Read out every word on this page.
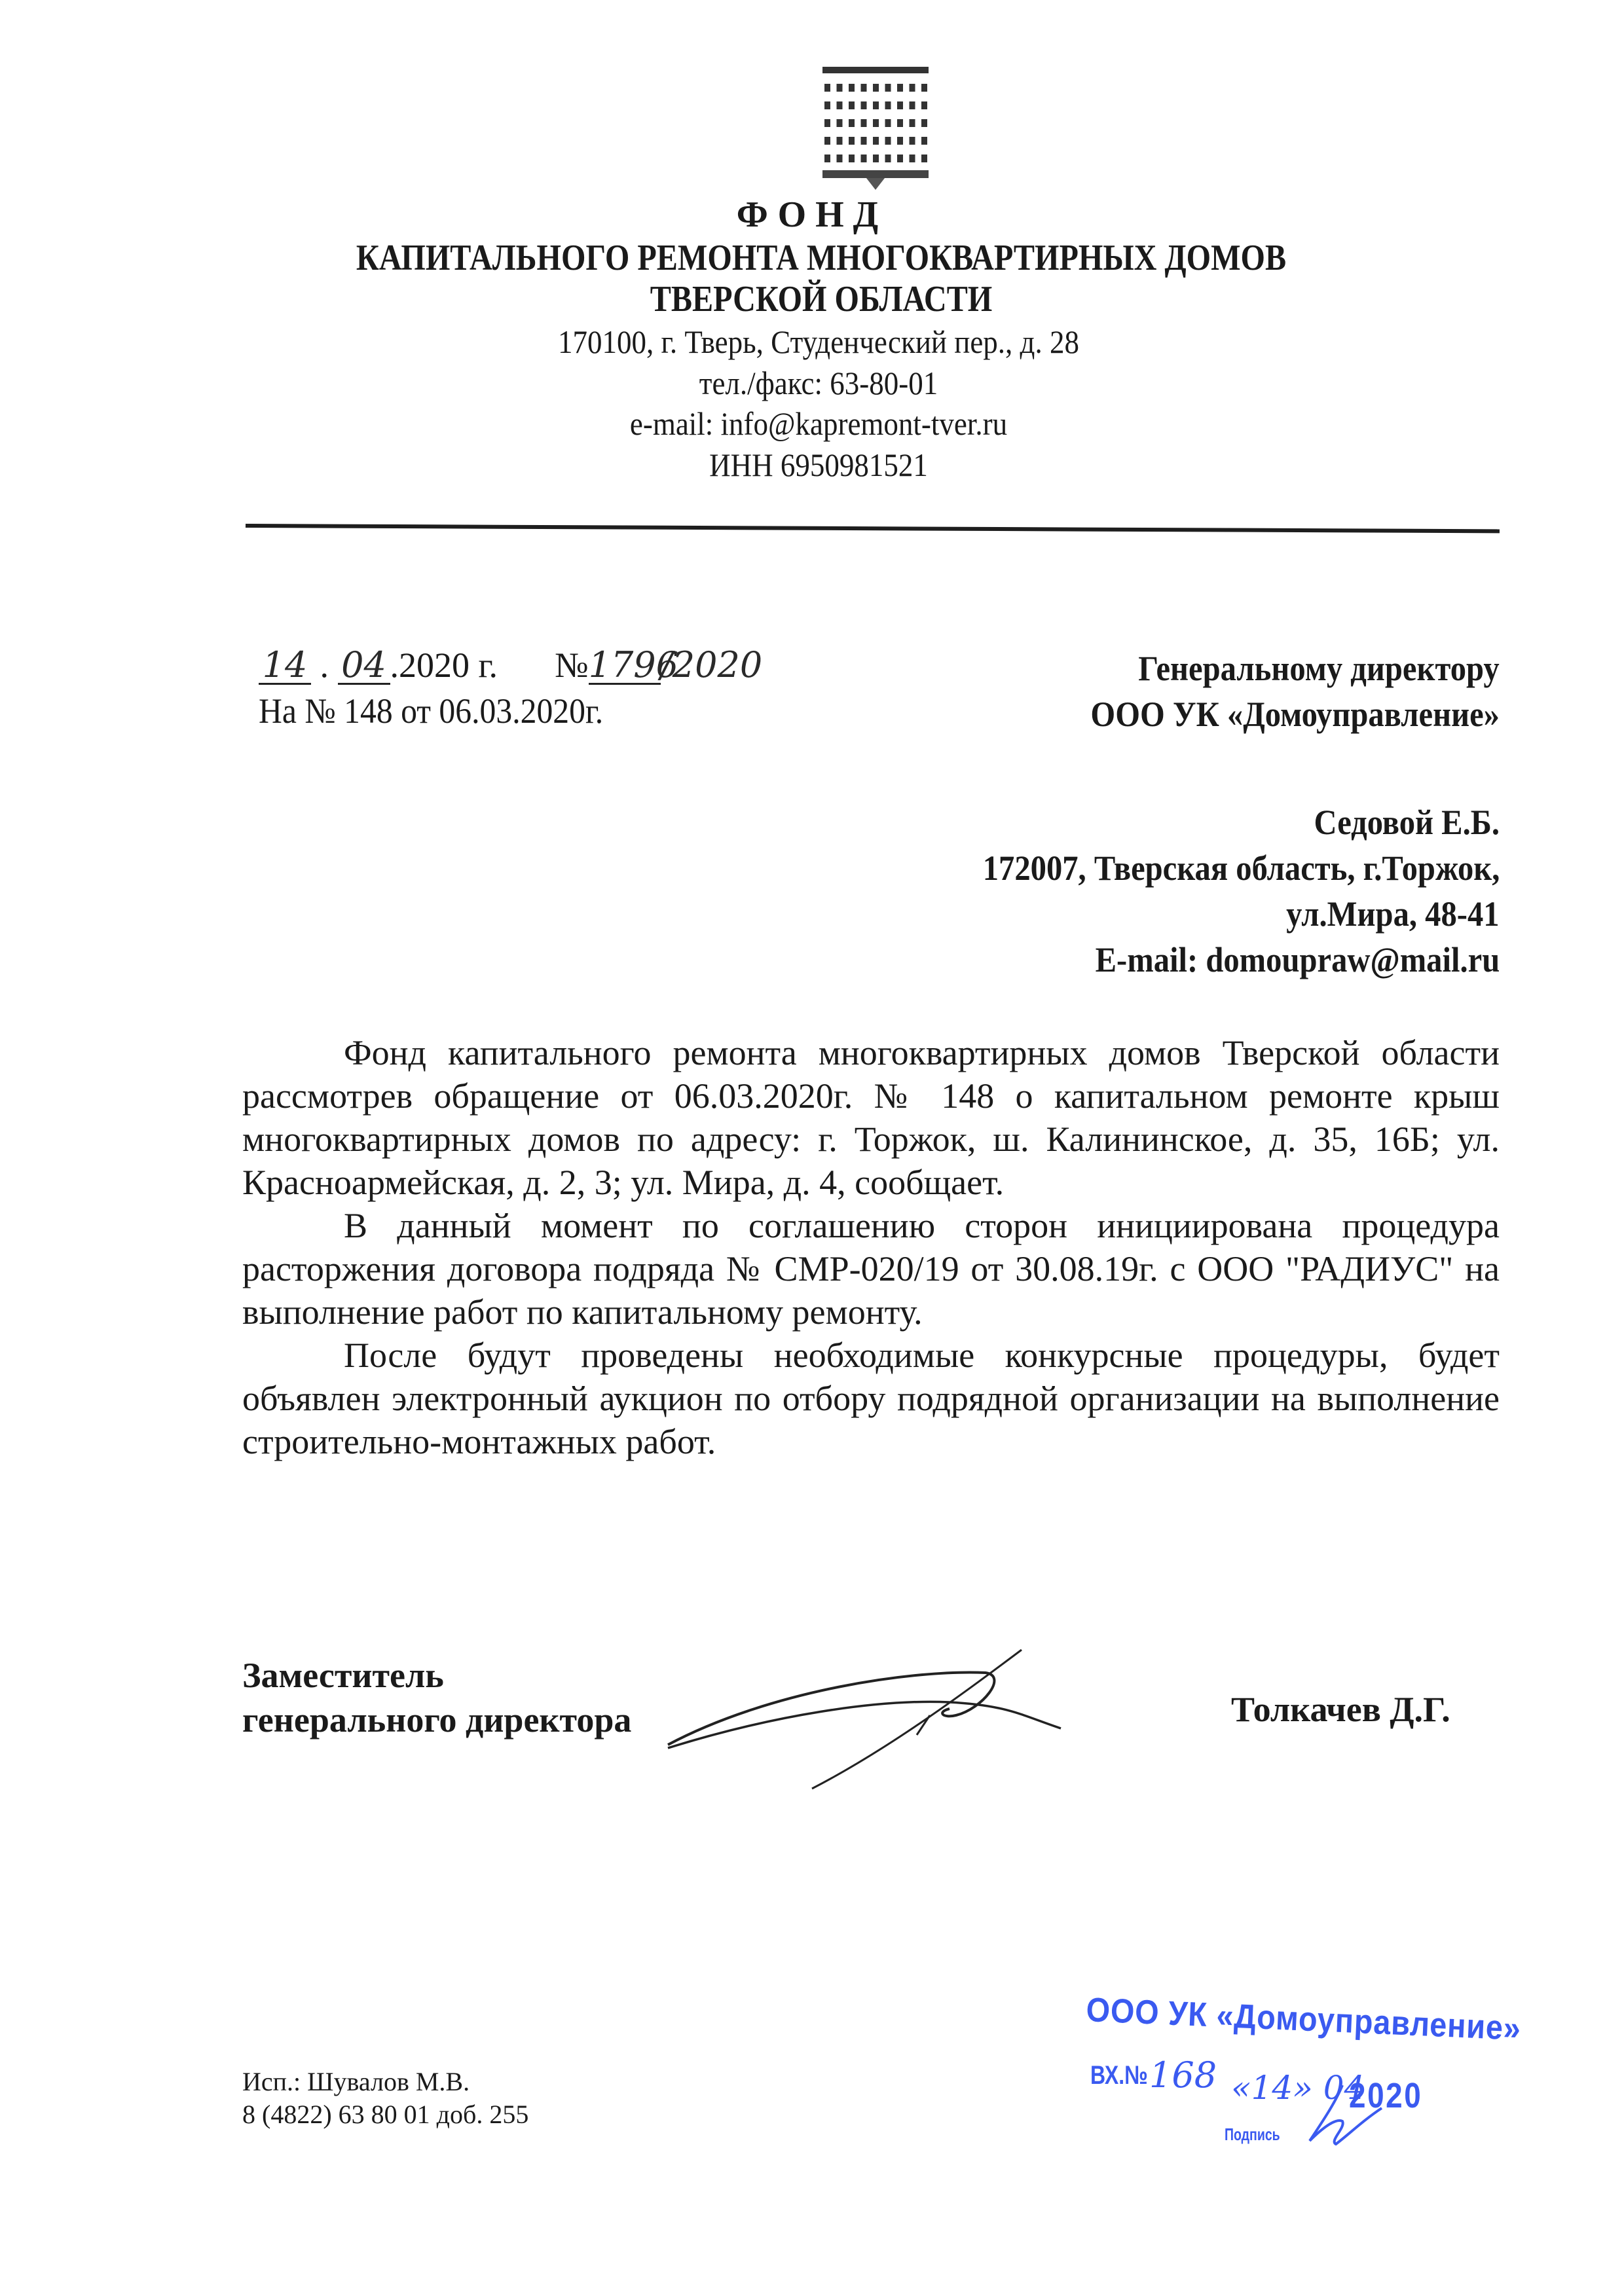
ФОНД
КАПИТАЛЬНОГО РЕМОНТА МНОГОКВАРТИРНЫХ ДОМОВ
ТВЕРСКОЙ ОБЛАСТИ
170100, г. Тверь, Студенческий пер., д. 28
тел./факс: 63-80-01
e-mail: info@kapremont-tver.ru
ИНН 6950981521
14 . 04 .2020 г. №1796/2020
На № 148 от 06.03.2020г.
Генеральному директору
ООО УК «Домоуправление»
Седовой Е.Б.
172007, Тверская область, г.Торжок,
ул.Мира, 48-41
E-mail: domoupraw@mail.ru

Фонд капитального ремонта многоквартирных домов Тверской области рассмотрев обращение от 06.03.2020г. № 148 о капитальном ремонте крыш многоквартирных домов по адресу: г. Торжок, ш. Калининское, д. 35, 16Б; ул. Красноармейская, д. 2, 3; ул. Мира, д. 4, сообщает.

В данный момент по соглашению сторон инициирована процедура расторжения договора подряда № СМР-020/19 от 30.08.19г. с ООО "РАДИУС" на выполнение работ по капитальному ремонту.

После будут проведены необходимые конкурсные процедуры, будет объявлен электронный аукцион по отбору подрядной организации на выполнение строительно-монтажных работ.

Заместитель
генерального директора	Толкачев Д.Г.
Исп.: Шувалов М.В.
8 (4822) 63 80 01 доб. 255
ООО УК «Домоуправление»
ВХ.№ 168 «14» 04
2020
Подпись
